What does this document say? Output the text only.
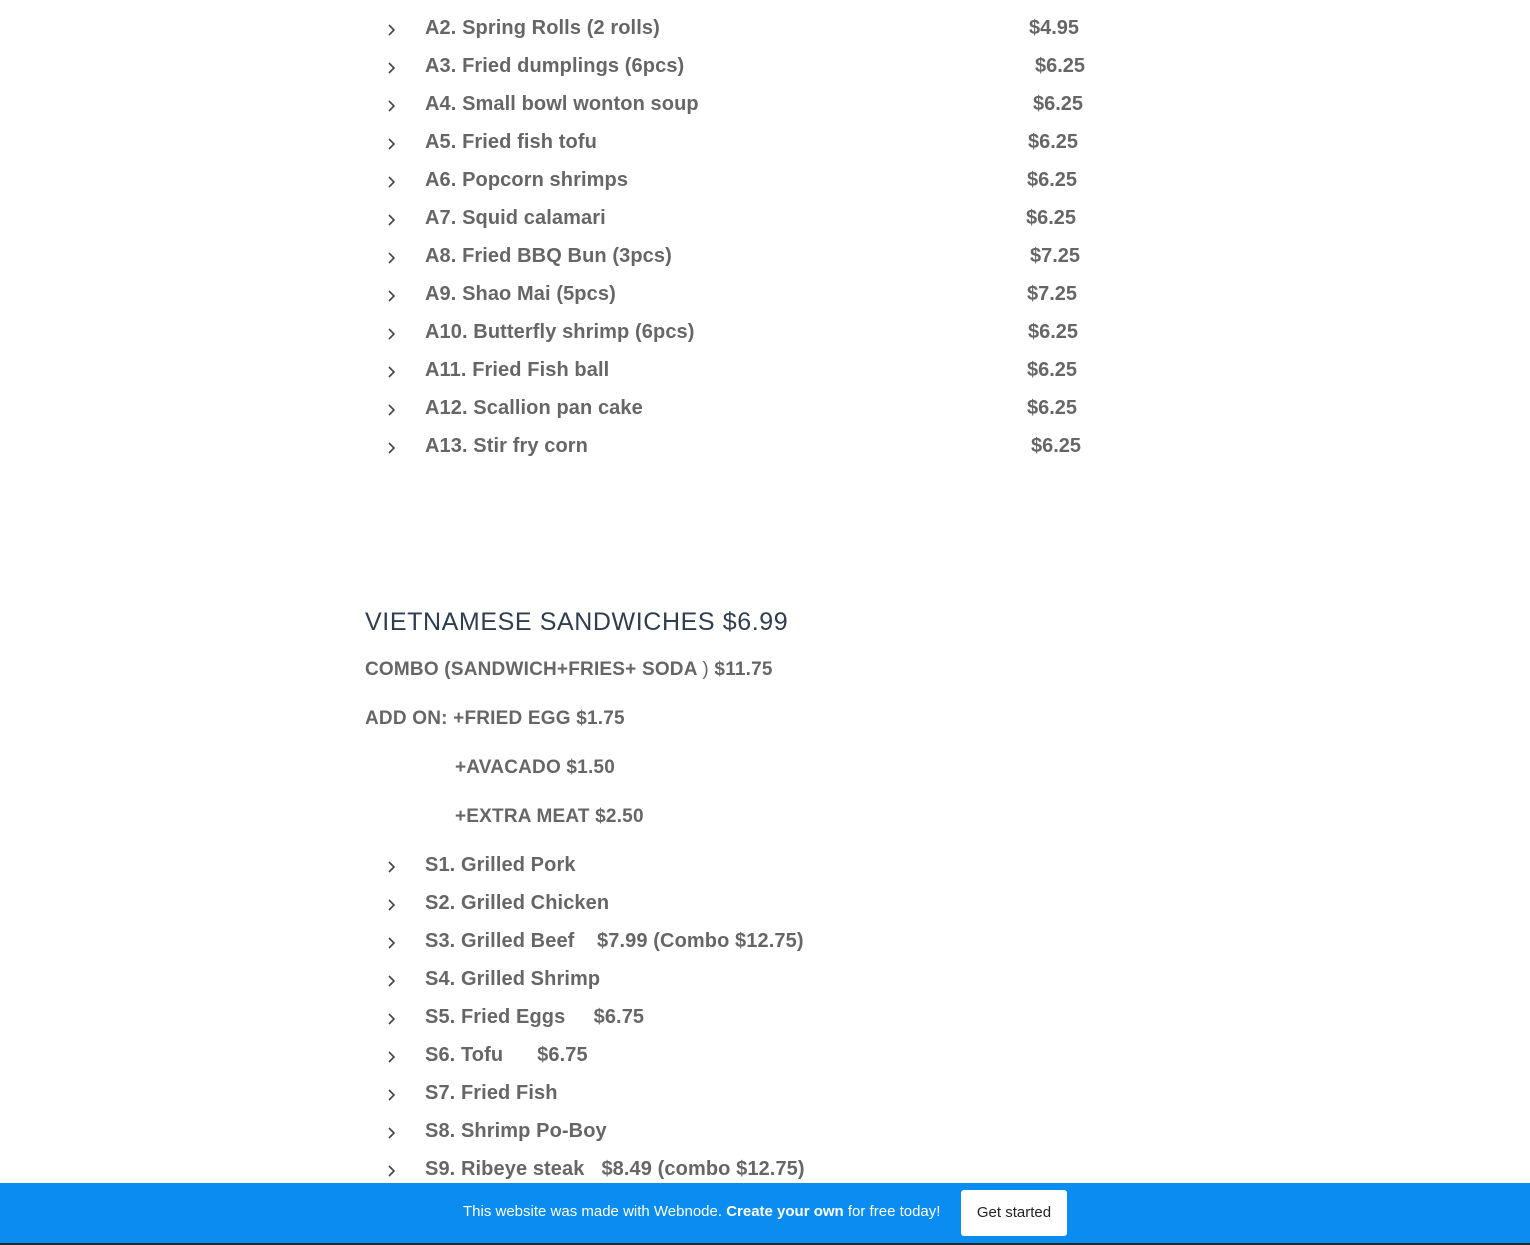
A2. Spring Rolls (2 rolls)	$4.95
A3. Fried dumplings (6pcs)	$6.25
A4. Small bowl wonton soup	$6.25
A5. Fried fish tofu	$6.25
A6. Popcorn shrimps	$6.25
A7. Squid calamari	$6.25
A8. Fried BBQ Bun (3pcs)	$7.25
A9. Shao Mai (5pcs)	$7.25
A10. Butterfly shrimp (6pcs)	$6.25
A11. Fried Fish ball	$6.25
A12. Scallion pan cake	$6.25
A13. Stir fry corn	$6.25
VIETNAMESE SANDWICHES $6.99
COMBO (SANDWICH+FRIES+ SODA ) $11.75
ADD ON: +FRIED EGG $1.75
+AVACADO $1.50
+EXTRA MEAT $2.50
S1. Grilled Pork
S2. Grilled Chicken
S3. Grilled Beef    $7.99 (Combo $12.75)
S4. Grilled Shrimp
S5. Fried Eggs     $6.75
S6. Tofu      $6.75
S7. Fried Fish
S8. Shrimp Po-Boy
S9. Ribeye steak   $8.49 (combo $12.75)
This website was made with Webnode. Create your own for free today!	Get started
